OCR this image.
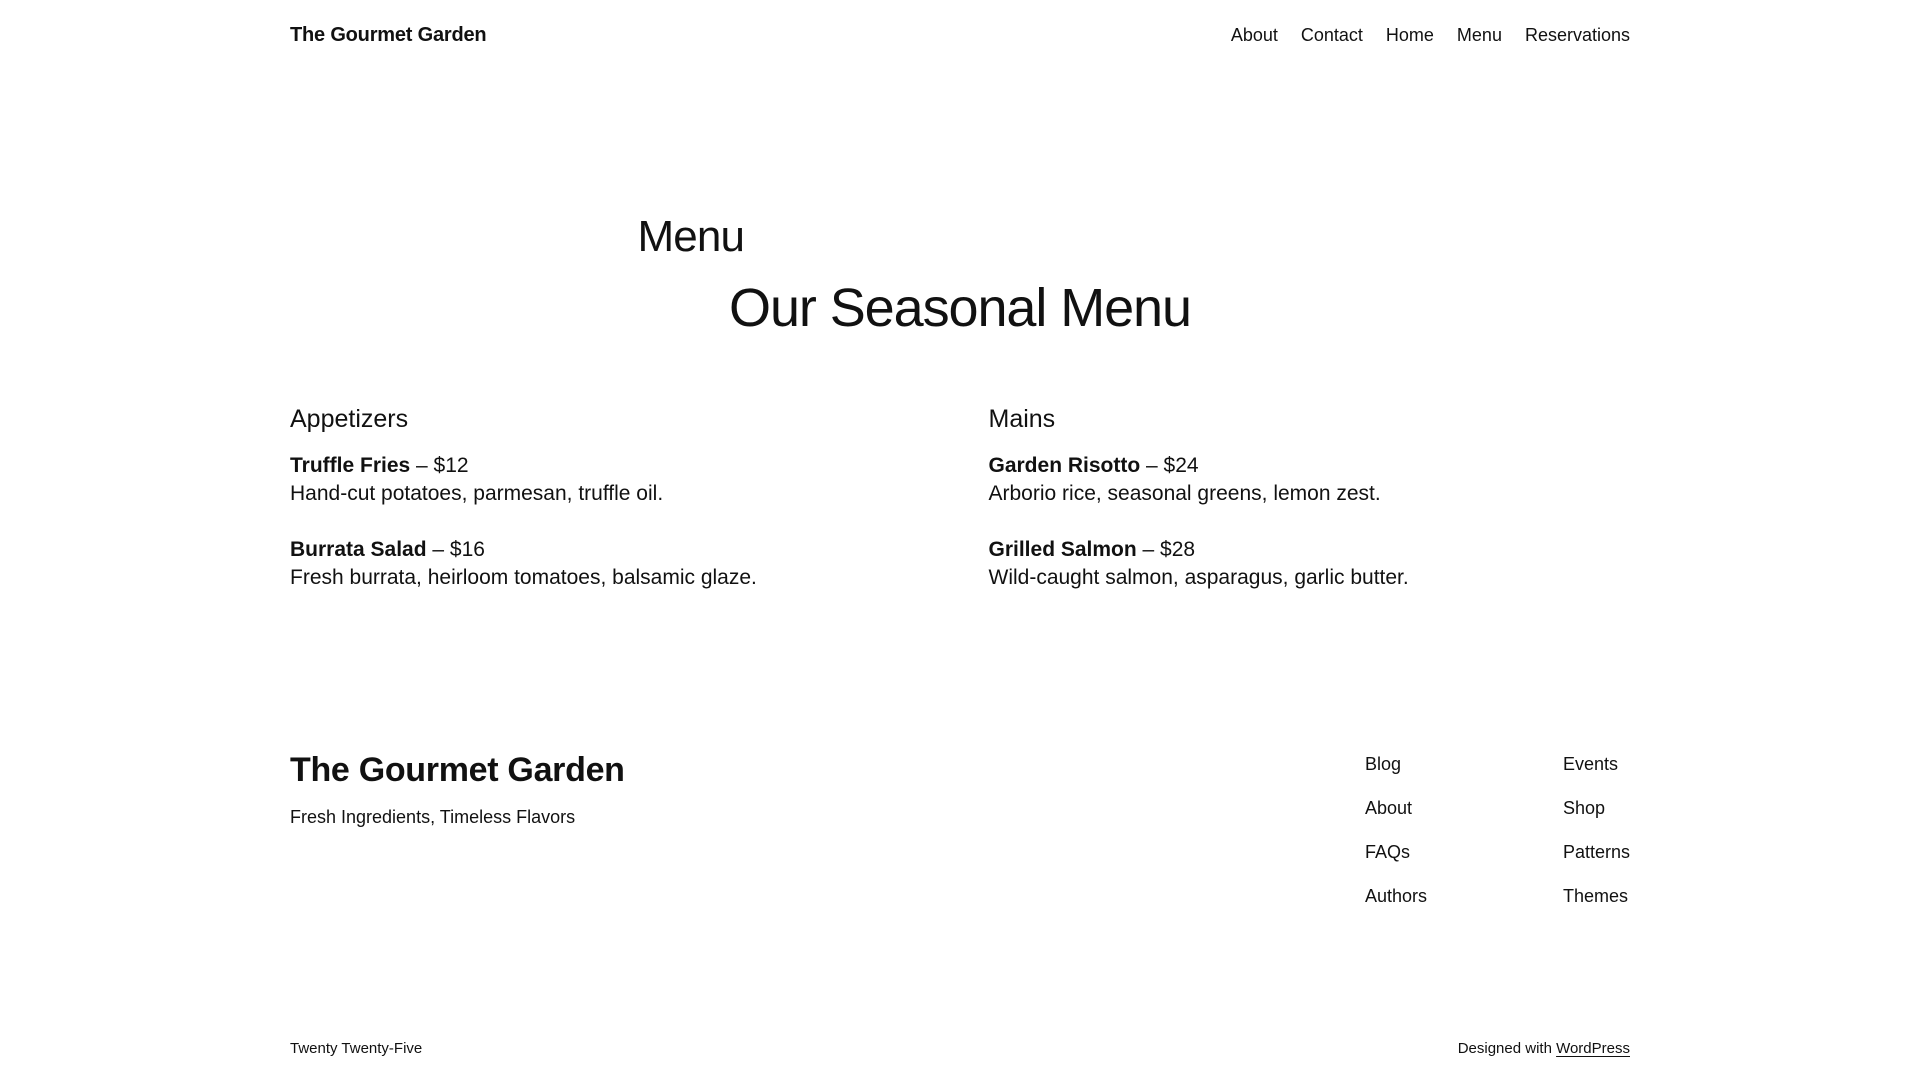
The Gourmet Garden	About Contact Home Menu Reservations
Menu
Our Seasonal Menu
Appetizers

Truffle Fries – $12
Hand-cut potatoes, parmesan, truffle oil.

Burrata Salad – $16
Fresh burrata, heirloom tomatoes, balsamic glaze.

Mains

Garden Risotto – $24
Arborio rice, seasonal greens, lemon zest.

Grilled Salmon – $28
Wild-caught salmon, asparagus, garlic butter.

The Gourmet Garden

Fresh Ingredients, Timeless Flavors

Blog	Events
About	Shop
FAQs	Patterns
Authors	Themes
Twenty Twenty-Five	Designed with WordPress
